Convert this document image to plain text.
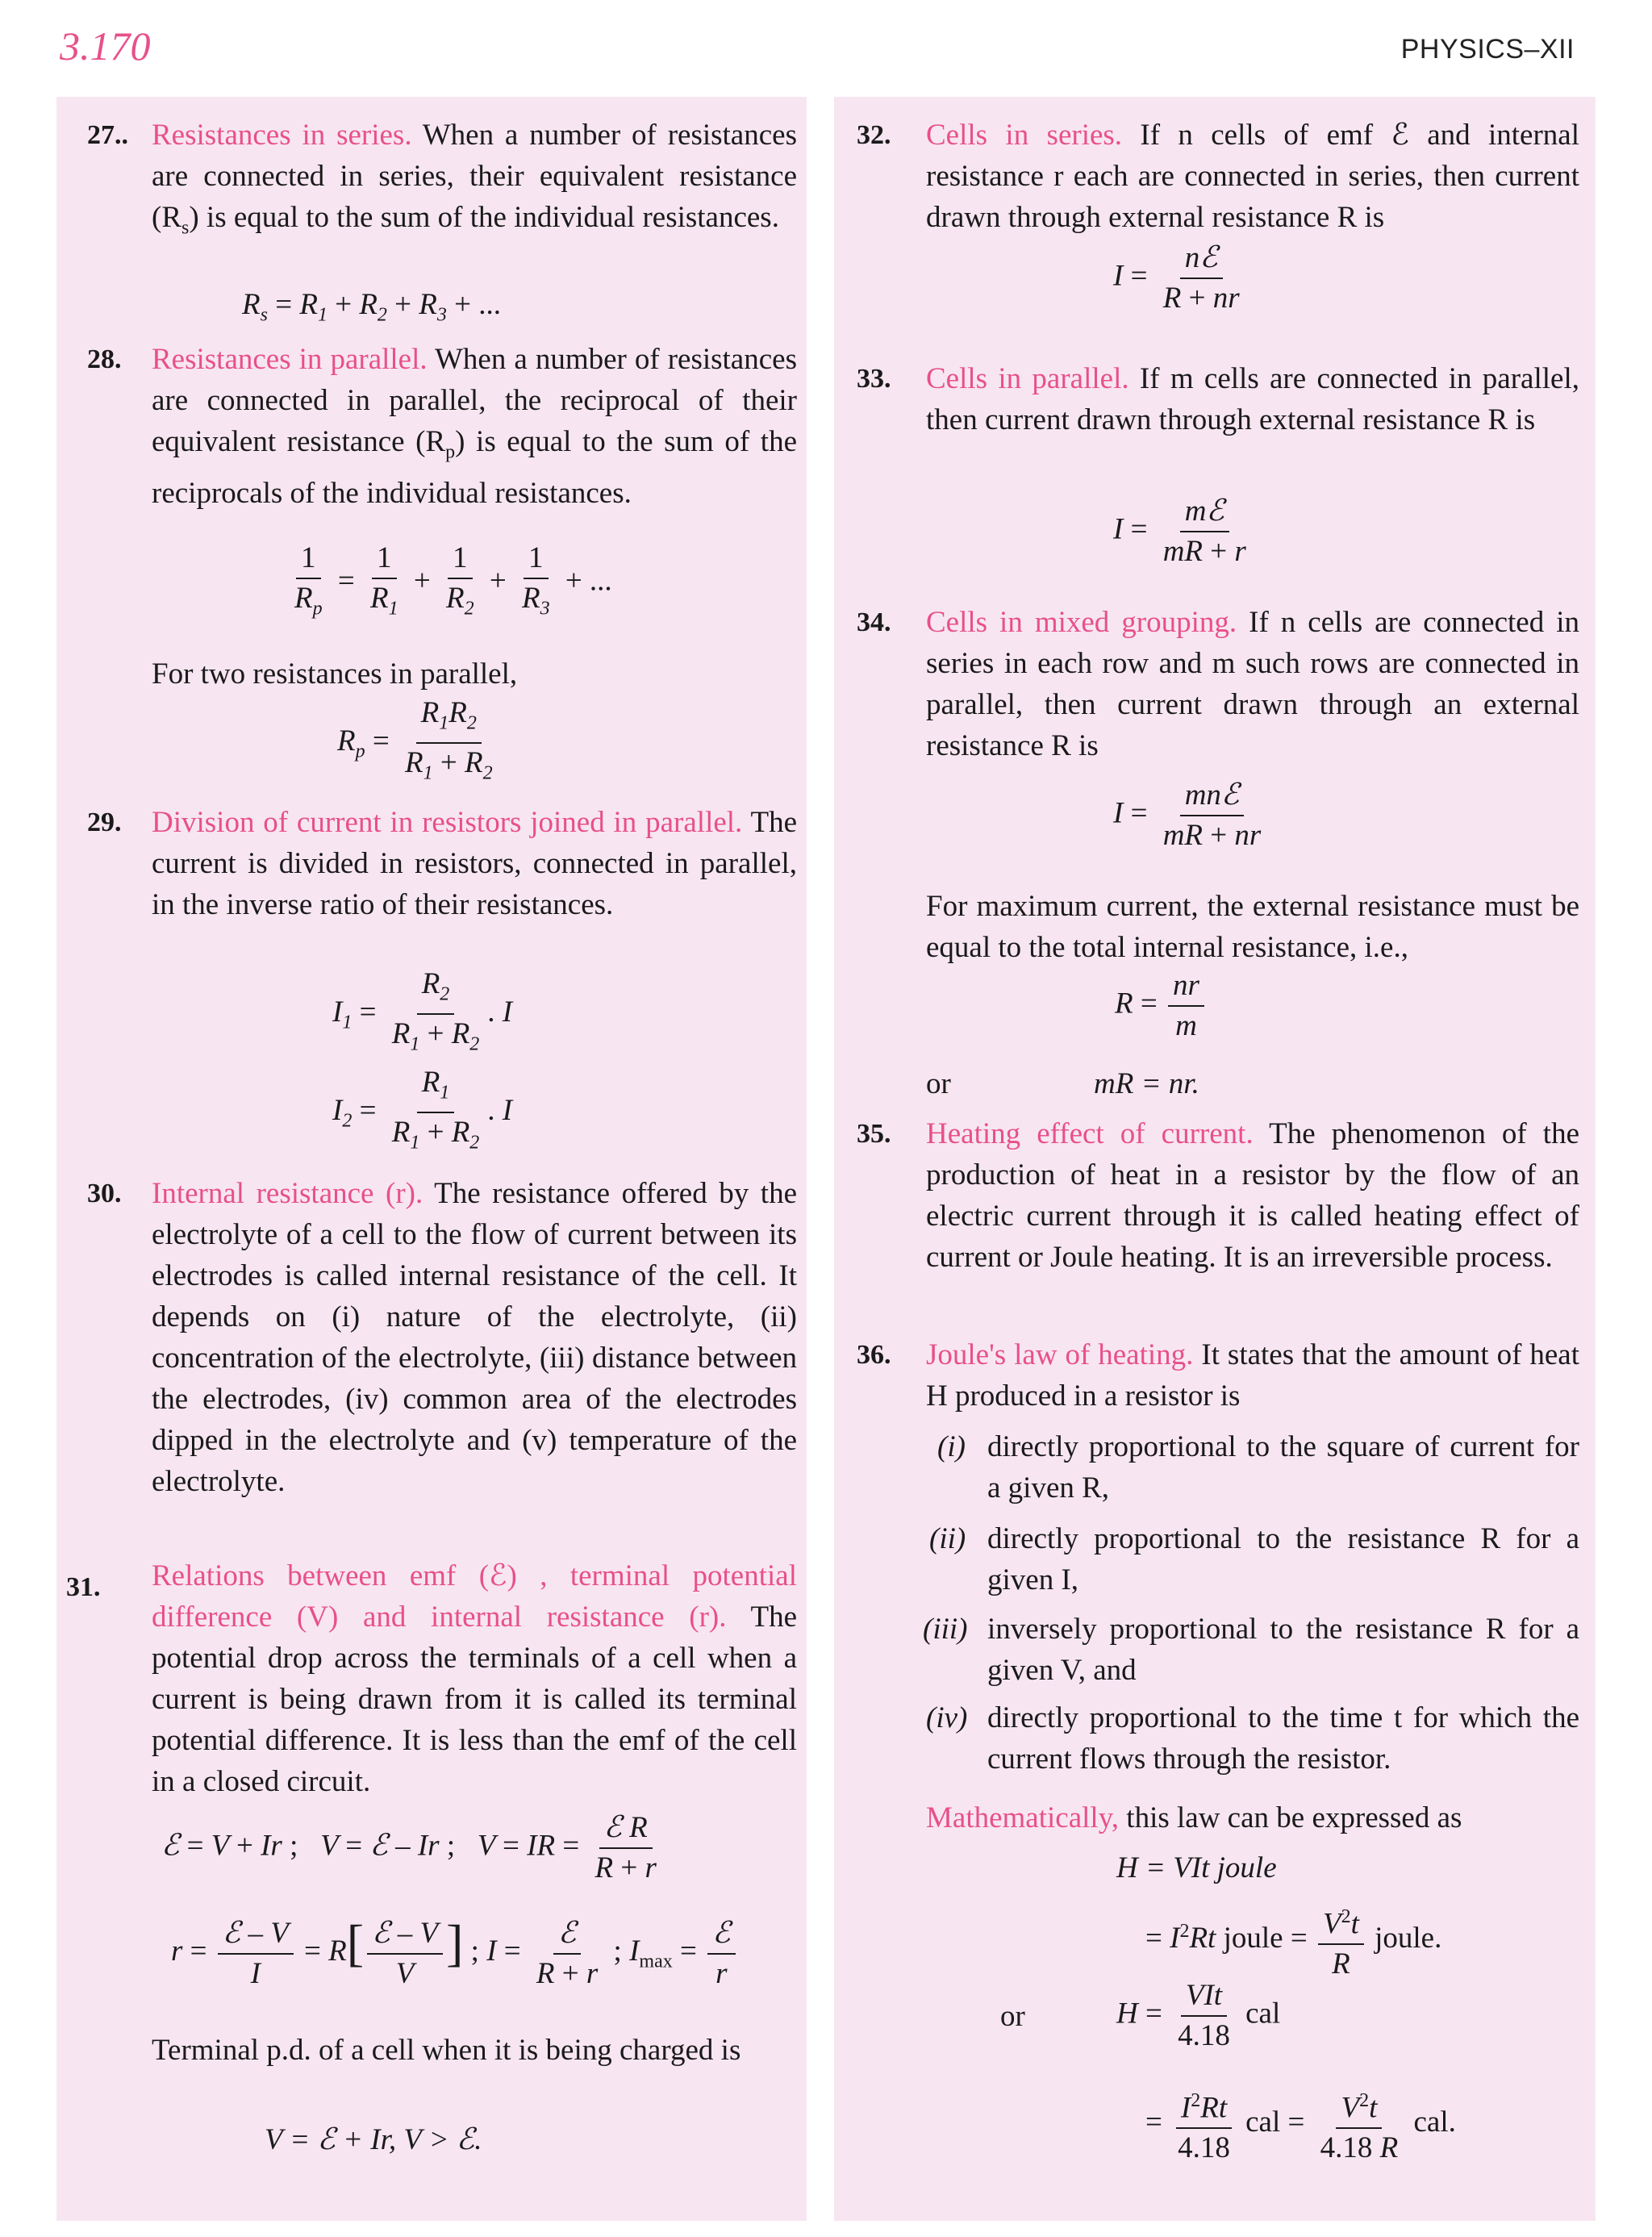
3.170	PHYSICS–XII
27.. Resistances in series. When a number of resistances are connected in series, their equivalent resistance $(R_s)$ is equal to the sum of the individual resistances.
$R_s = R_1 + R_2 + R_3$ + ...
28.	Resistances in parallel. When a number of resistances are connected in parallel, the reciprocal of their equivalent resistance $(R_p)$ is equal to the sum of the reciprocals of the individual resistances.
$\frac{1}{R_p} = \frac{1}{R_1} + \frac{1}{R_2} + \frac{1}{R_3}$ + ...
For two resistances in parallel,
$R_p = \frac{R_1R_2}{R_1 + R_2}$
29.	Division of current in resistors joined in parallel. The current is divided in resistors, connected in parallel, in the inverse ratio of their resistances.
$I_1 = \frac{R_2}{R_1 + R_2}$ . I
$I_2 = \frac{R_1}{R_1 + R_2}$ . I
30.	Internal resistance (r). The resistance offered by the electrolyte of a cell to the flow of current between its electrodes is called internal resistance of the cell. It depends on (i) nature of the electrolyte, (ii) concentration of the electrolyte, (iii) distance between the electrodes, (iv) common area of the electrodes dipped in the electrolyte and (v) temperature of the electrolyte.
31.	Relations between emf (ℰ) , terminal potential difference (V) and internal resistance (r). The potential drop across the terminals of a cell when a current is being drawn from it is called its terminal potential difference. It is less than the emf of the cell in a closed circuit.
ℰ = V + Ir ;   V = ℰ – Ir ;   V = IR =
ℰ R
R + r
r =
ℰ – V
I
= R[ ℰ – V
V
] ; I =
ℰ
R + r
; $I_{max}$ =
ℰ
r
Terminal p.d. of a cell when it is being charged is
V = ℰ + Ir, V > ℰ.
32.	Cells in series. If n cells of emf ℰ and internal resistance r each are connected in series, then current drawn through external resistance R is
I =
nℰ
R + nr
33.	Cells in parallel. If m cells are connected in parallel, then current drawn through external resistance R is
I =
mℰ
mR + r
34.	Cells in mixed grouping. If n cells are connected in series in each row and m such rows are connected in parallel, then current drawn through an external resistance R is
I =
mnℰ
mR + nr
For maximum current, the external resistance must be equal to the total internal resistance, i.e.,
$R = \frac{nr}{m}$
or	mR = nr.
35.	Heating effect of current. The phenomenon of the production of heat in a resistor by the flow of an electric current through it is called heating effect of current or Joule heating. It is an irreversible process.
36.	Joule's law of heating. It states that the amount of heat H produced in a resistor is
(i) directly proportional to the square of current for a given R,
(ii) directly proportional to the resistance R for a given I,
(iii) inversely proportional to the resistance R for a given V, and
(iv) directly proportional to the time t for which the current flows through the resistor.
Mathematically, this law can be expressed as
H = VIt joule
= $I^2Rt$ joule = $\frac{V^2t}{R}$ joule.
or	H =
VIt
4.18
cal
= $\frac{I^2Rt}{4.18}$ cal = $\frac{V^2t}{4.18 R}$ cal.
